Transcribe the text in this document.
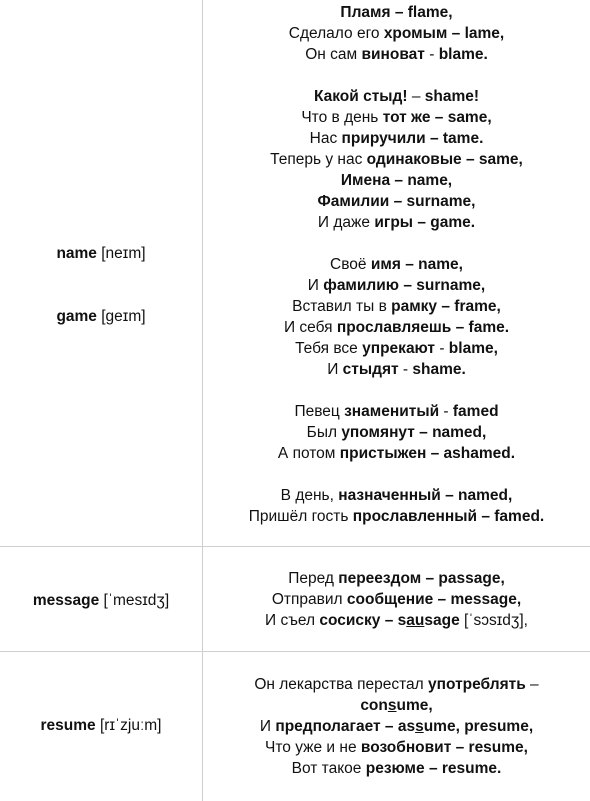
name [neɪm]
game [geɪm]
Пламя – flame,
Сделало его хромым – lame,
Он сам виноват - blame.
Какой стыд! – shame!
Что в день тот же – same,
Нас приручили – tame.
Теперь у нас одинаковые – same,
Имена – name,
Фамилии – surname,
И даже игры – game.
Своё имя – name,
И фамилию – surname,
Вставил ты в рамку – frame,
И себя прославляешь – fame.
Тебя все упрекают - blame,
И стыдят - shame.
Певец знаменитый - famed
Был упомянут – named,
А потом пристыжен – ashamed.
В день, назначенный – named,
Пришёл гость прославленный – famed.
message [ˈmesɪdʒ]
Перед переездом – passage,
Отправил сообщение – message,
И съел сосиску – sausage [ˈsɔsɪdʒ],
resume [rɪˈzjuːm]
Он лекарства перестал употреблять –
consume,
И предполагает – assume, presume,
Что уже и не возобновит – resume,
Вот такое резюме – resume.
